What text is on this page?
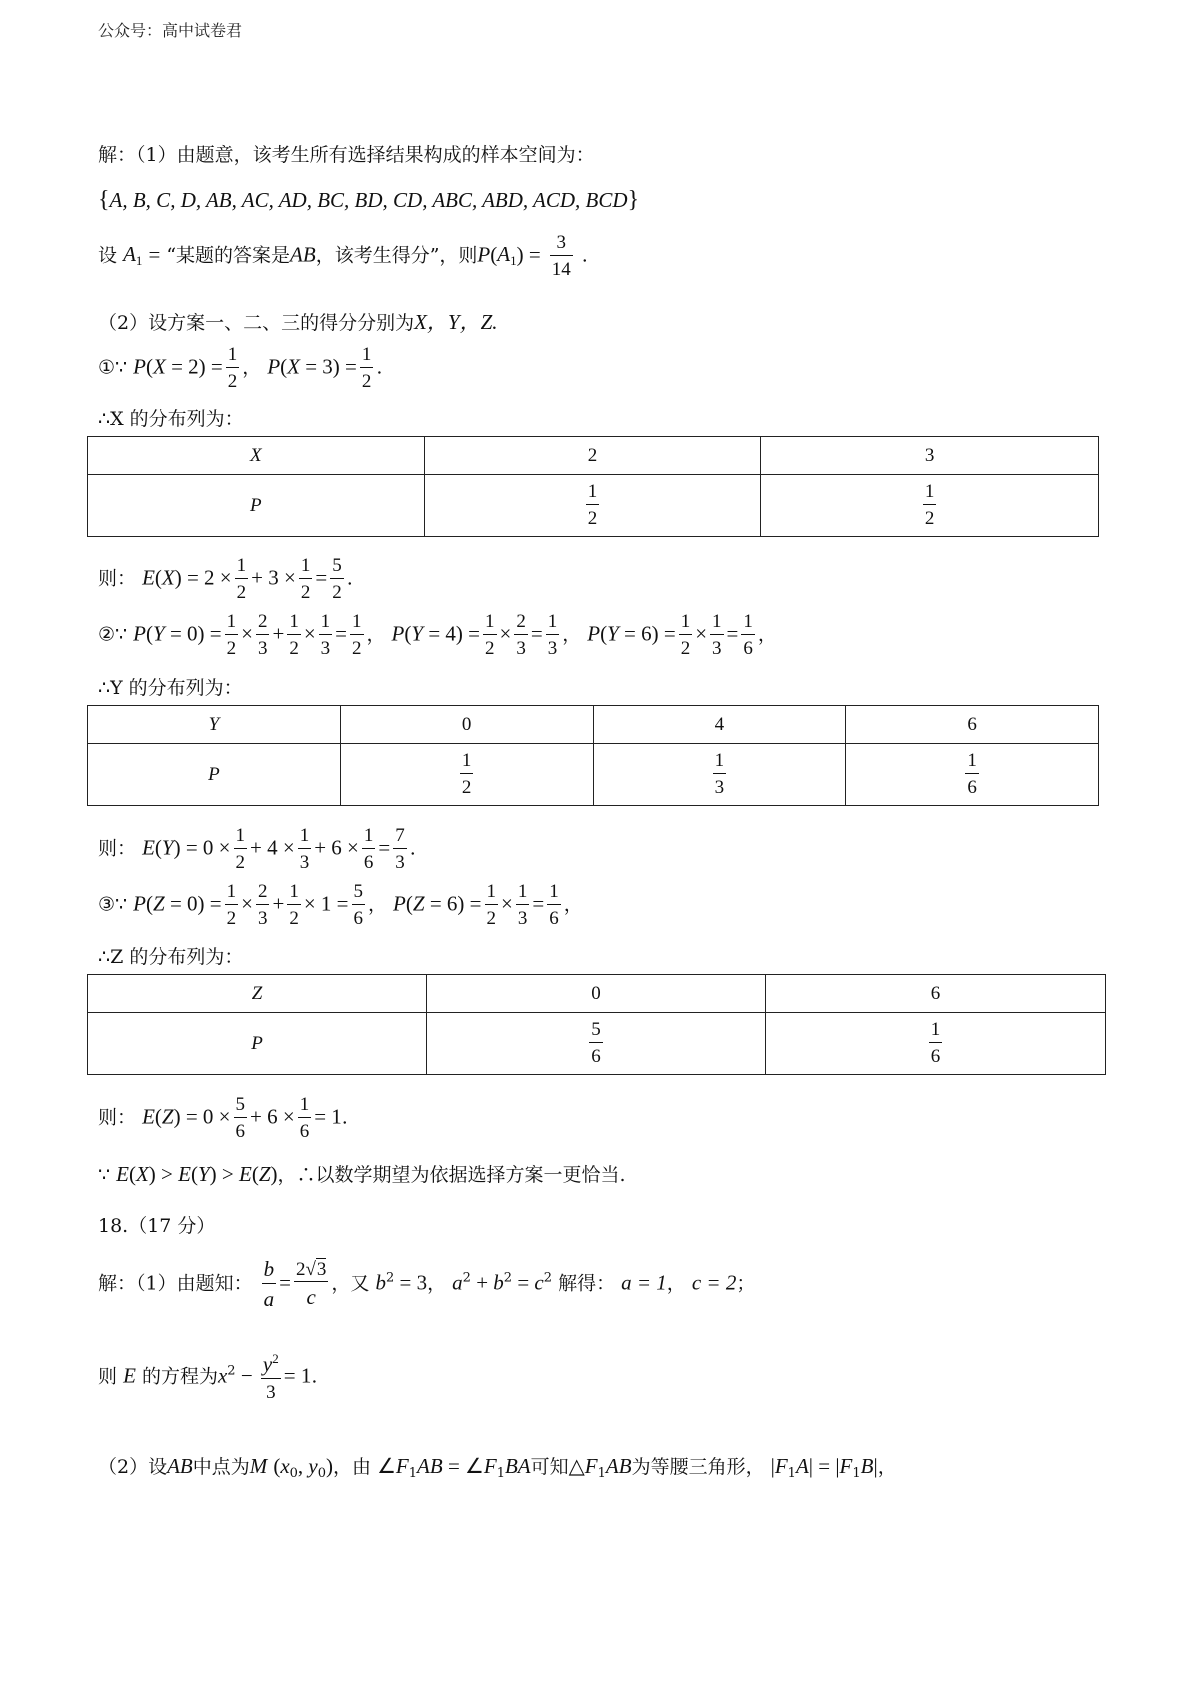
公众号：高中试卷君
解：（1）由题意，该考生所有选择结果构成的样本空间为：
{A, B, C, D, AB, AC, AD, BC, BD, CD, ABC, ABD, ACD, BCD}
设 $A_1$ = “某题的答案是AB，该考生得分”，则$P(A_1) = \frac{3}{14}$ .
（2）设方案一、二、三的得分分别为X，Y，Z.
①∵ $P(X = 2) = \frac{1}{2}$ ， $P(X = 3) = \frac{1}{2}$ .
∴X 的分布列为：
X	2	3
P	$\frac{1}{2}$	$\frac{1}{2}$
则： $E(X) = 2 \times \frac{1}{2} + 3 \times \frac{1}{2} = \frac{5}{2}$ .
②∵ $P(Y = 0) = \frac{1}{2} \times \frac{2}{3} + \frac{1}{2} \times \frac{1}{3} = \frac{1}{2}$ ， $P(Y = 4) = \frac{1}{2} \times \frac{2}{3} = \frac{1}{3}$ ， $P(Y = 6) = \frac{1}{2} \times \frac{1}{3} = \frac{1}{6}$ ，
∴Y 的分布列为：
Y	0	4	6
P	$\frac{1}{2}$	$\frac{1}{3}$	$\frac{1}{6}$
则： $E(Y) = 0 \times \frac{1}{2} + 4 \times \frac{1}{3} + 6 \times \frac{1}{6} = \frac{7}{3}$ .
③∵ $P(Z = 0) = \frac{1}{2} \times \frac{2}{3} + \frac{1}{2} \times 1 = \frac{5}{6}$ ， $P(Z = 6) = \frac{1}{2} \times \frac{1}{3} = \frac{1}{6}$ ，
∴Z 的分布列为：
Z	0	6
P	$\frac{5}{6}$	$\frac{1}{6}$
则： $E(Z) = 0 \times \frac{5}{6} + 6 \times \frac{1}{6} = 1$.
∵ E(X) > E(Y) > E(Z)，∴以数学期望为依据选择方案一更恰当.
18.（17 分）
解：（1）由题知： $\frac{b}{a} = \frac{2√3}{c}$ ，又 $b^2 = 3$， $a^2 + b^2 = c^2$ 解得： a = 1， c = 2；
则 E 的方程为$x^2 - \frac{y^2}{3} = 1$.
（2）设AB中点为M ($x_0$, $y_0$)，由 $\angle F_1AB$ = $\angle F_1BA$可知$\triangle F_1AB$为等腰三角形， $|F_1A| = |F_1B|$，
